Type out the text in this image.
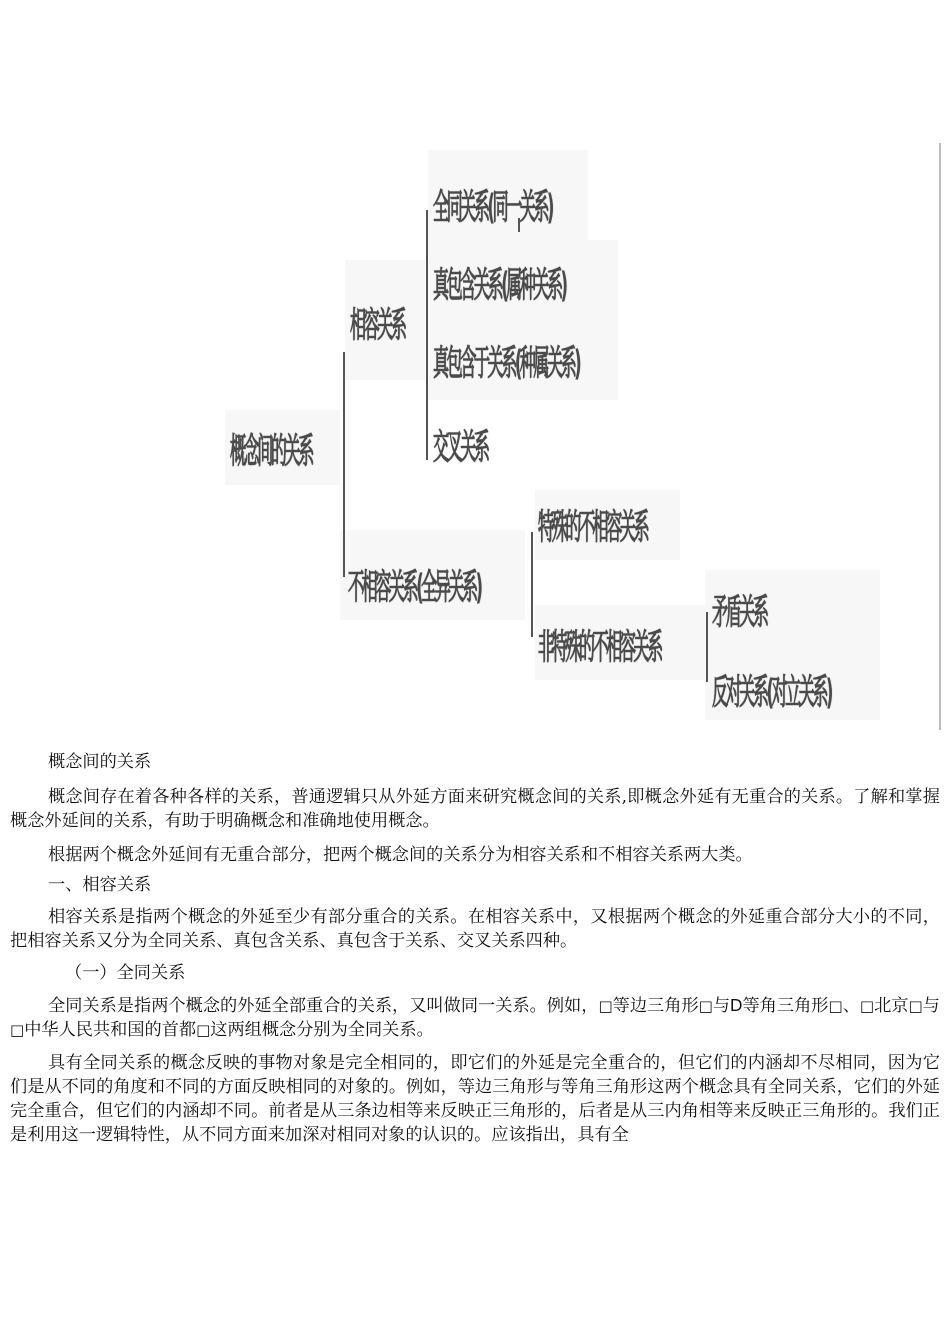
概念间的关系
相容关系
全同关系(同一关系)
真包含关系(属种关系)
真包含于关系(种属关系)
交叉关系
不相容关系(全异关系)
特殊的不相容关系
非特殊的不相容关系
矛盾关系
反对关系(对立关系)

概念间的关系

概念间存在着各种各样的关系，普通逻辑只从外延方面来研究概念间的关系,即概念外延有无重合的关系。了解和掌握概念外延间的关系，有助于明确概念和准确地使用概念。

根据两个概念外延间有无重合部分，把两个概念间的关系分为相容关系和不相容关系两大类。

一、相容关系

相容关系是指两个概念的外延至少有部分重合的关系。在相容关系中，又根据两个概念的外延重合部分大小的不同，把相容关系又分为全同关系、真包含关系、真包含于关系、交叉关系四种。

（一）全同关系

全同关系是指两个概念的外延全部重合的关系，又叫做同一关系。例如，□等边三角形□与D等角三角形□、□北京□与□中华人民共和国的首都□这两组概念分别为全同关系。

具有全同关系的概念反映的事物对象是完全相同的，即它们的外延是完全重合的，但它们的内涵却不尽相同，因为它们是从不同的角度和不同的方面反映相同的对象的。例如，等边三角形与等角三角形这两个概念具有全同关系，它们的外延完全重合，但它们的内涵却不同。前者是从三条边相等来反映正三角形的，后者是从三内角相等来反映正三角形的。我们正是利用这一逻辑特性，从不同方面来加深对相同对象的认识的。应该指出，具有全
